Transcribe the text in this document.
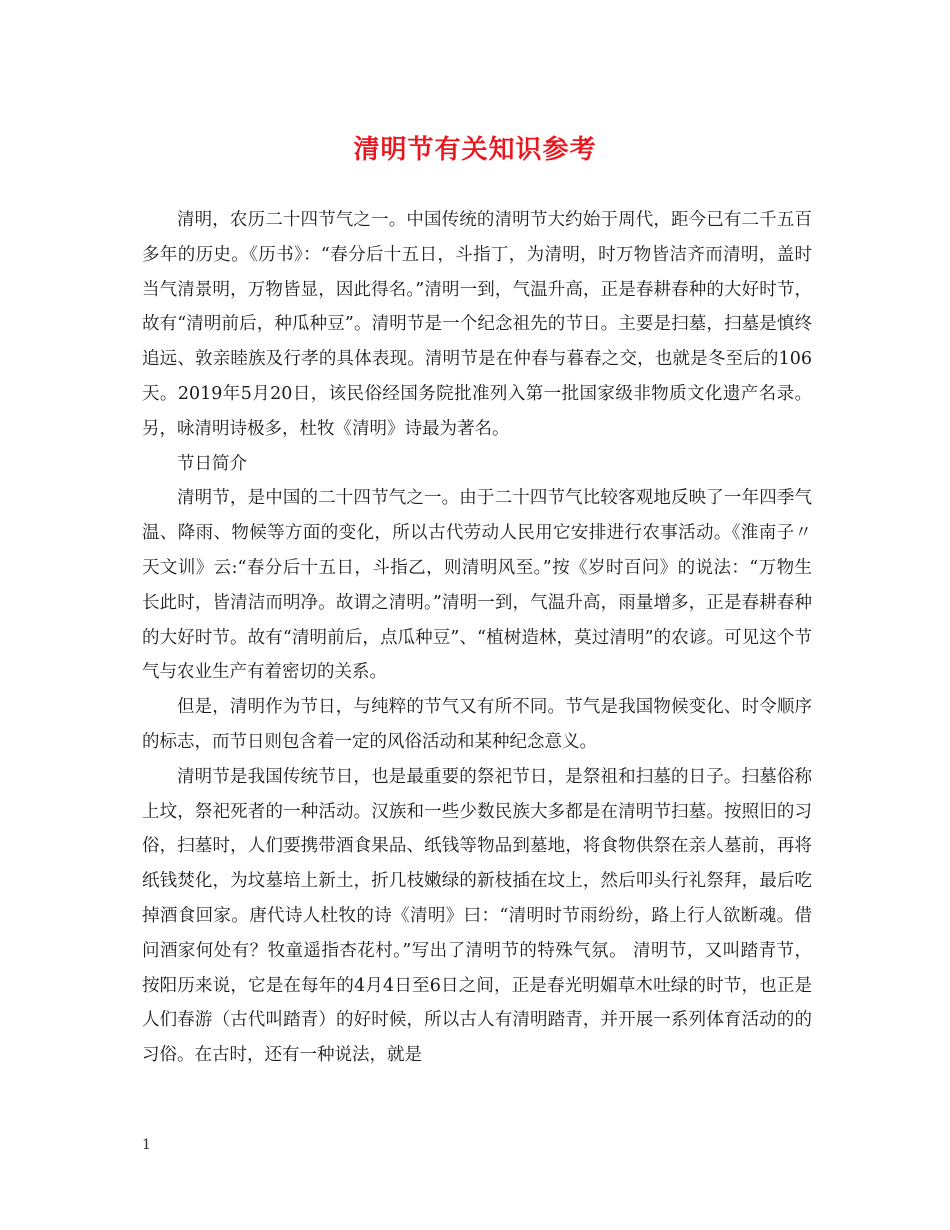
清明节有关知识参考

清明，农历二十四节气之一。中国传统的清明节大约始于周代，距今已有二千五百多年的历史。《历书》：“春分后十五日，斗指丁，为清明，时万物皆洁齐而清明，盖时当气清景明，万物皆显，因此得名。”清明一到，气温升高，正是春耕春种的大好时节，故有“清明前后，种瓜种豆”。清明节是一个纪念祖先的节日。主要是扫墓，扫墓是慎终追远、敦亲睦族及行孝的具体表现。清明节是在仲春与暮春之交，也就是冬至后的106天。2019年5月20日，该民俗经国务院批准列入第一批国家级非物质文化遗产名录。另，咏清明诗极多，杜牧《清明》诗最为著名。

节日简介

清明节，是中国的二十四节气之一。由于二十四节气比较客观地反映了一年四季气温、降雨、物候等方面的变化，所以古代劳动人民用它安排进行农事活动。《淮南子〃天文训》云:“春分后十五日，斗指乙，则清明风至。”按《岁时百问》的说法：“万物生长此时，皆清洁而明净。故谓之清明。”清明一到，气温升高，雨量增多，正是春耕春种的大好时节。故有“清明前后，点瓜种豆”、“植树造林，莫过清明”的农谚。可见这个节气与农业生产有着密切的关系。

但是，清明作为节日，与纯粹的节气又有所不同。节气是我国物候变化、时令顺序的标志，而节日则包含着一定的风俗活动和某种纪念意义。

清明节是我国传统节日，也是最重要的祭祀节日，是祭祖和扫墓的日子。扫墓俗称上坟，祭祀死者的一种活动。汉族和一些少数民族大多都是在清明节扫墓。按照旧的习俗，扫墓时，人们要携带酒食果品、纸钱等物品到墓地，将食物供祭在亲人墓前，再将纸钱焚化，为坟墓培上新土，折几枝嫩绿的新枝插在坟上，然后叩头行礼祭拜，最后吃掉酒食回家。唐代诗人杜牧的诗《清明》曰：“清明时节雨纷纷，路上行人欲断魂。借问酒家何处有？牧童遥指杏花村。”写出了清明节的特殊气氛。 清明节，又叫踏青节，按阳历来说，它是在每年的4月4日至6日之间，正是春光明媚草木吐绿的时节，也正是人们春游（古代叫踏青）的好时候，所以古人有清明踏青，并开展一系列体育活动的的习俗。在古时，还有一种说法，就是

1
